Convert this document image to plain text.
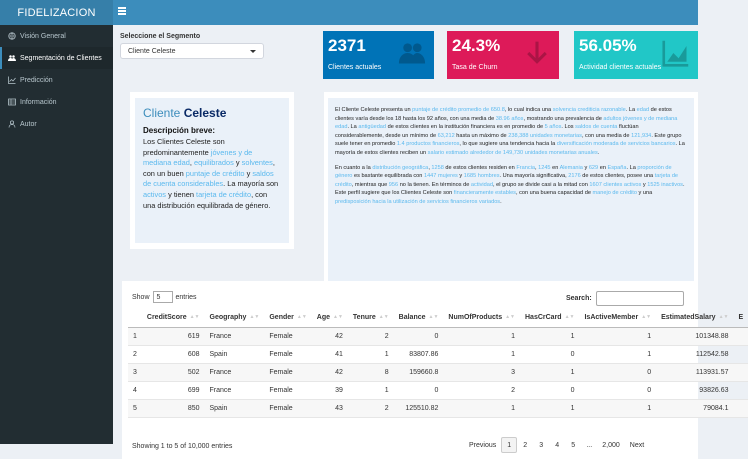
FIDELIZACION
Visión General
Segmentación de Clientes
Predicción
Información
Autor
Seleccione el Segmento
Cliente Celeste	2371
Clientes actuales
24.3%
Tasa de Churn
56.05%
Actividad clientes actuales
Cliente Celeste
Descripción breve:

Los Clientes Celeste son predominantemente jóvenes y de mediana edad, equilibrados y solventes, con un buen puntaje de crédito y saldos de cuenta considerables. La mayoría son activos y tienen tarjeta de crédito, con una distribución equilibrada de género.

El Cliente Celeste presenta un puntaje de crédito promedio de 650.8, lo cual indica una solvencia crediticia razonable. La edad de estos clientes varía desde los 18 hasta los 92 años, con una media de 38.96 años, mostrando una prevalencia de adultos jóvenes y de mediana edad. La antigüedad de estos clientes en la institución financiera es en promedio de 5 años. Los saldos de cuenta fluctúan considerablemente, desde un mínimo de 63,212 hasta un máximo de 238,388 unidades monetarias, con una media de 121,934. Este grupo suele tener en promedio 1.4 productos financieros, lo que sugiere una tendencia hacia la diversificación moderada de servicios bancarios. La mayoría de estos clientes reciben un salario estimado alrededor de 149,730 unidades monetarias anuales.

En cuanto a la distribución geográfica, 1258 de estos clientes residen en Francia, 1245 en Alemania y 629 en España. La proporción de género es bastante equilibrada con 1447 mujeres y 1685 hombres. Una mayoría significativa, 2176 de estos clientes, posee una tarjeta de crédito, mientras que 956 no la tienen. En términos de actividad, el grupo se divide casi a la mitad con 1607 clientes activos y 1525 inactivos. Este perfil sugiere que los Clientes Celeste son financieramente estables, con una buena capacidad de manejo de crédito y una predisposición hacia la utilización de servicios financieros variados.

Show	5	entries	Search:
	CreditScore ▲▼	Geography ▲▼	Gender ▲▼	Age ▲▼	Tenure ▲▼	Balance ▲▼	NumOfProducts ▲▼	HasCrCard ▲▼	IsActiveMember ▲▼	EstimatedSalary ▲▼	E
1	619	France	Female	42	2	0	1	1	1	101348.88	
2	608	Spain	Female	41	1	83807.86	1	0	1	112542.58	
3	502	France	Female	42	8	159660.8	3	1	0	113931.57	
4	699	France	Female	39	1	0	2	0	0	93826.63	
5	850	Spain	Female	43	2	125510.82	1	1	1	79084.1	
Showing 1 to 5 of 10,000 entries	Previous	1	2	3	4	5	...	2,000	Next
